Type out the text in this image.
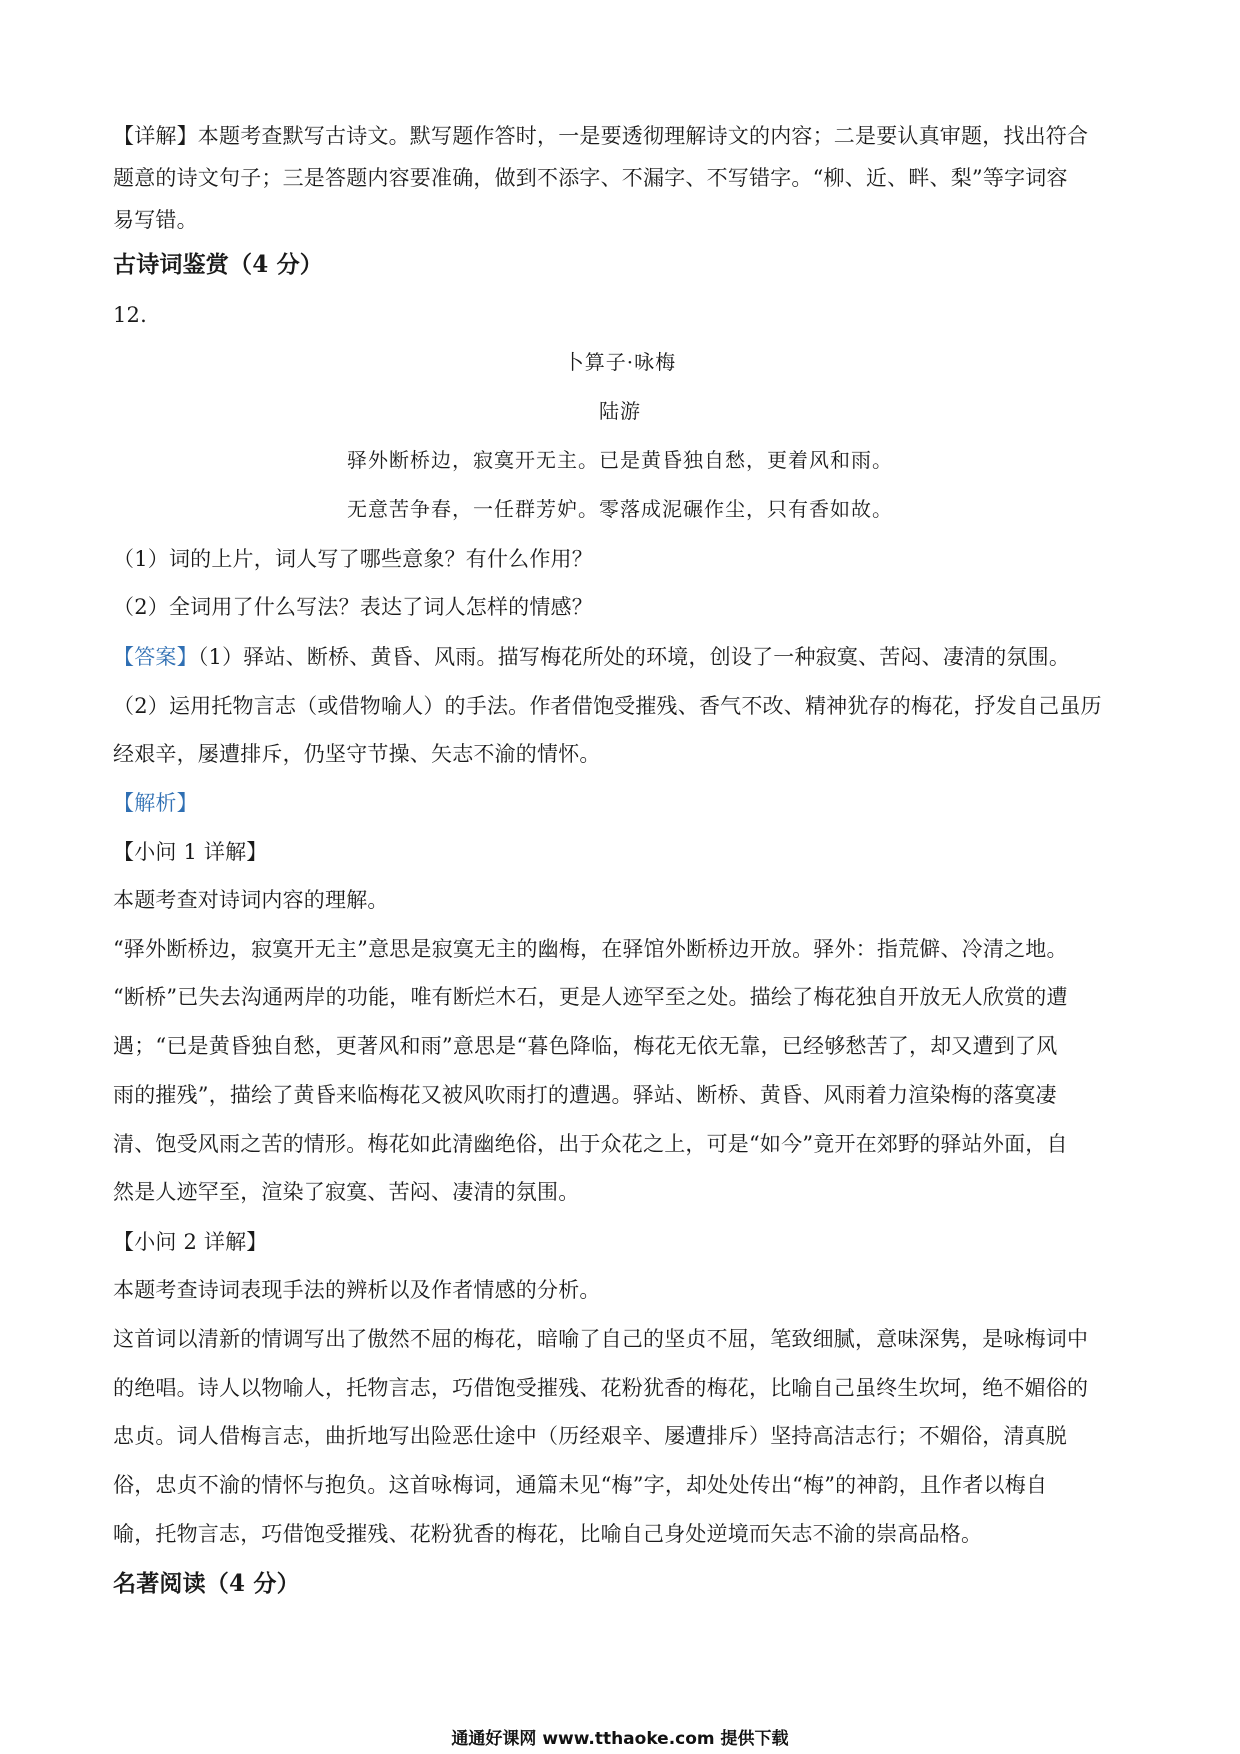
【详解】本题考查默写古诗文。默写题作答时，一是要透彻理解诗文的内容；二是要认真审题，找出符合
题意的诗文句子；三是答题内容要准确，做到不添字、不漏字、不写错字。“柳、近、畔、梨”等字词容
易写错。
古诗词鉴赏（4 分）
12.
卜算子·咏梅
陆游
驿外断桥边，寂寞开无主。已是黄昏独自愁，更着风和雨。
无意苦争春，一任群芳妒。零落成泥碾作尘，只有香如故。
（1）词的上片，词人写了哪些意象？有什么作用？
（2）全词用了什么写法？表达了词人怎样的情感？
【答案】（1）驿站、断桥、黄昏、风雨。描写梅花所处的环境，创设了一种寂寞、苦闷、凄清的氛围。
（2）运用托物言志（或借物喻人）的手法。作者借饱受摧残、香气不改、精神犹存的梅花，抒发自己虽历
经艰辛，屡遭排斥，仍坚守节操、矢志不渝的情怀。
【解析】
【小问 1 详解】
本题考查对诗词内容的理解。
“驿外断桥边，寂寞开无主”意思是寂寞无主的幽梅，在驿馆外断桥边开放。驿外：指荒僻、冷清之地。
“断桥”已失去沟通两岸的功能，唯有断烂木石，更是人迹罕至之处。描绘了梅花独自开放无人欣赏的遭
遇；“已是黄昏独自愁，更著风和雨”意思是“暮色降临，梅花无依无靠，已经够愁苦了，却又遭到了风
雨的摧残”，描绘了黄昏来临梅花又被风吹雨打的遭遇。驿站、断桥、黄昏、风雨着力渲染梅的落寞凄
清、饱受风雨之苦的情形。梅花如此清幽绝俗，出于众花之上，可是“如今”竟开在郊野的驿站外面，自
然是人迹罕至，渲染了寂寞、苦闷、凄清的氛围。
【小问 2 详解】
本题考查诗词表现手法的辨析以及作者情感的分析。
这首词以清新的情调写出了傲然不屈的梅花，暗喻了自己的坚贞不屈，笔致细腻，意味深隽，是咏梅词中
的绝唱。诗人以物喻人，托物言志，巧借饱受摧残、花粉犹香的梅花，比喻自己虽终生坎坷，绝不媚俗的
忠贞。词人借梅言志，曲折地写出险恶仕途中（历经艰辛、屡遭排斥）坚持高洁志行；不媚俗，清真脱
俗，忠贞不渝的情怀与抱负。这首咏梅词，通篇未见“梅”字，却处处传出“梅”的神韵，且作者以梅自
喻，托物言志，巧借饱受摧残、花粉犹香的梅花，比喻自己身处逆境而矢志不渝的崇高品格。
名著阅读（4 分）
通通好课网 www.tthaoke.com 提供下载
